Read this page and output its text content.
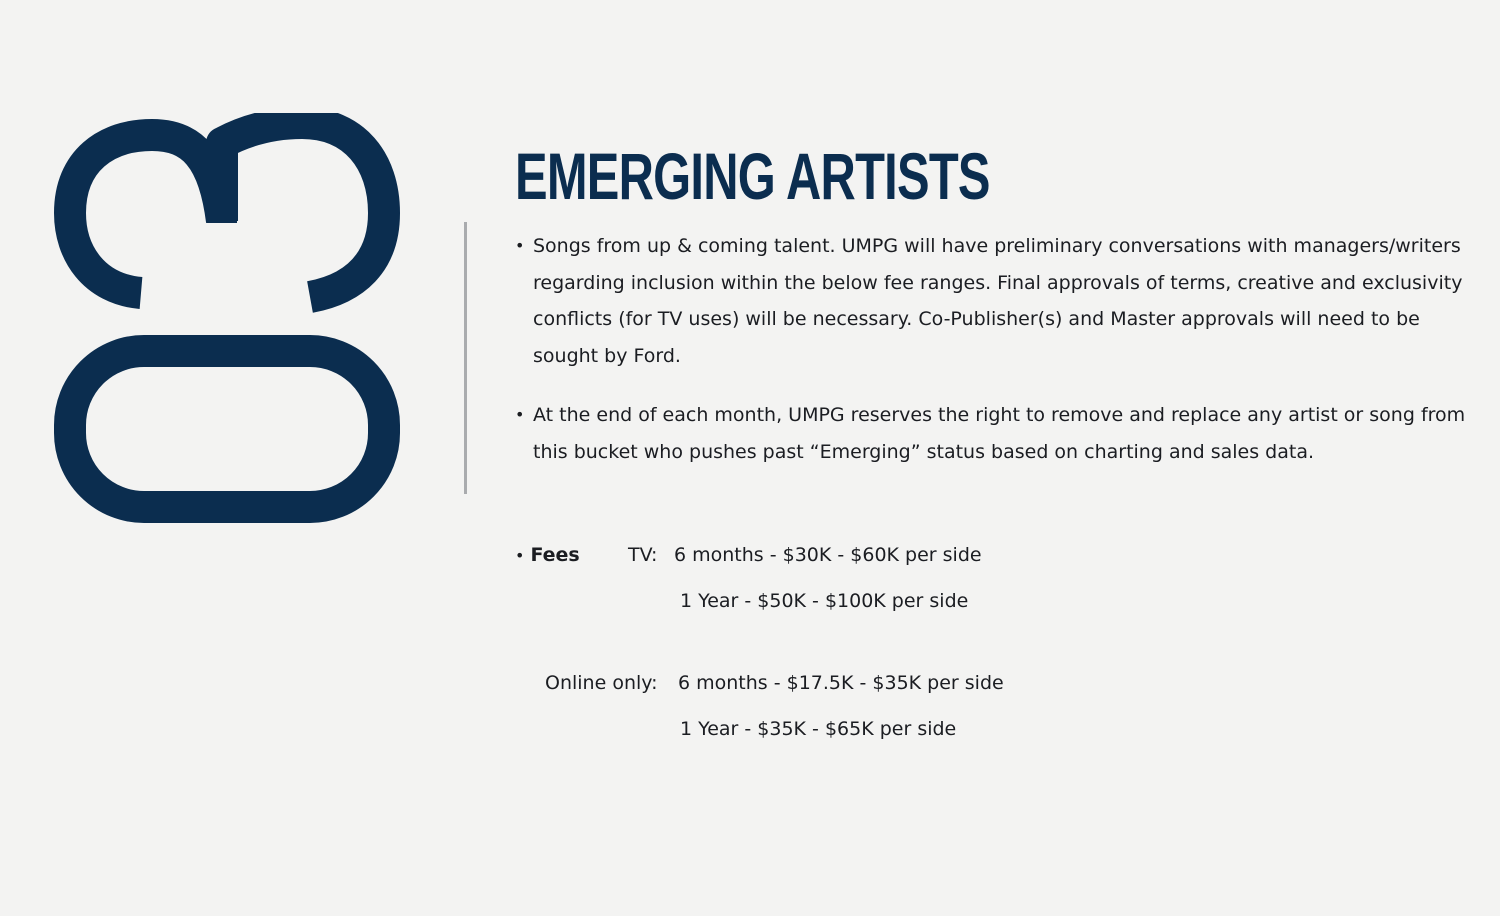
EMERGING ARTISTS

• Songs from up & coming talent. UMPG will have preliminary conversations with managers/writers regarding inclusion within the below fee ranges. Final approvals of terms, creative and exclusivity conflicts (for TV uses) will be necessary. Co-Publisher(s) and Master approvals will need to be sought by Ford.

• At the end of each month, UMPG reserves the right to remove and replace any artist or song from this bucket who pushes past “Emerging” status based on charting and sales data.

• Fees	TV: 6 months - $30K - $60K per side
1 Year - $50K - $100K per side
Online only: 6 months - $17.5K - $35K per side
1 Year - $35K - $65K per side
